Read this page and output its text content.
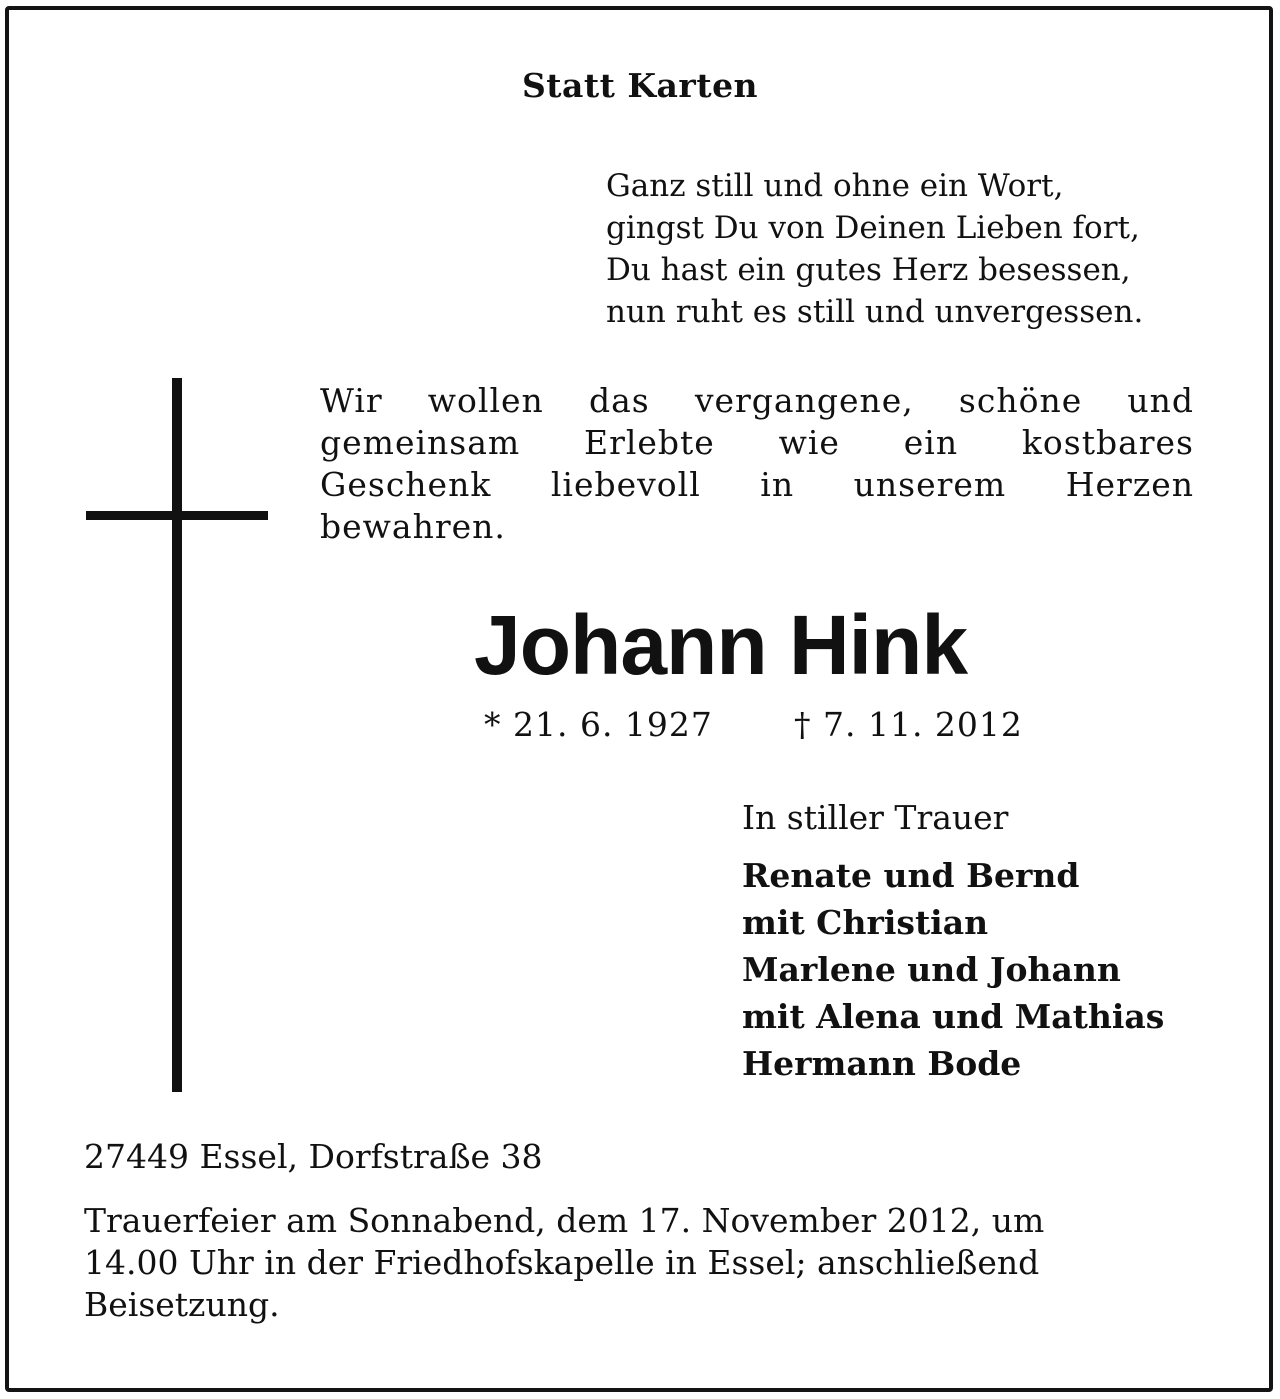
Statt Karten
Ganz still und ohne ein Wort,
gingst Du von Deinen Lieben fort,
Du hast ein gutes Herz besessen,
nun ruht es still und unvergessen.
Wir wollen das vergangene, schöne und
gemeinsam Erlebte wie ein kostbares
Geschenk liebevoll in unserem Herzen
bewahren.
Johann Hink
* 21. 6. 1927 † 7. 11. 2012
In stiller Trauer
Renate und Bernd
mit Christian
Marlene und Johann
mit Alena und Mathias
Hermann Bode
27449 Essel, Dorfstraße 38
Trauerfeier am Sonnabend, dem 17. November 2012, um
14.00 Uhr in der Friedhofskapelle in Essel; anschließend
Beisetzung.
